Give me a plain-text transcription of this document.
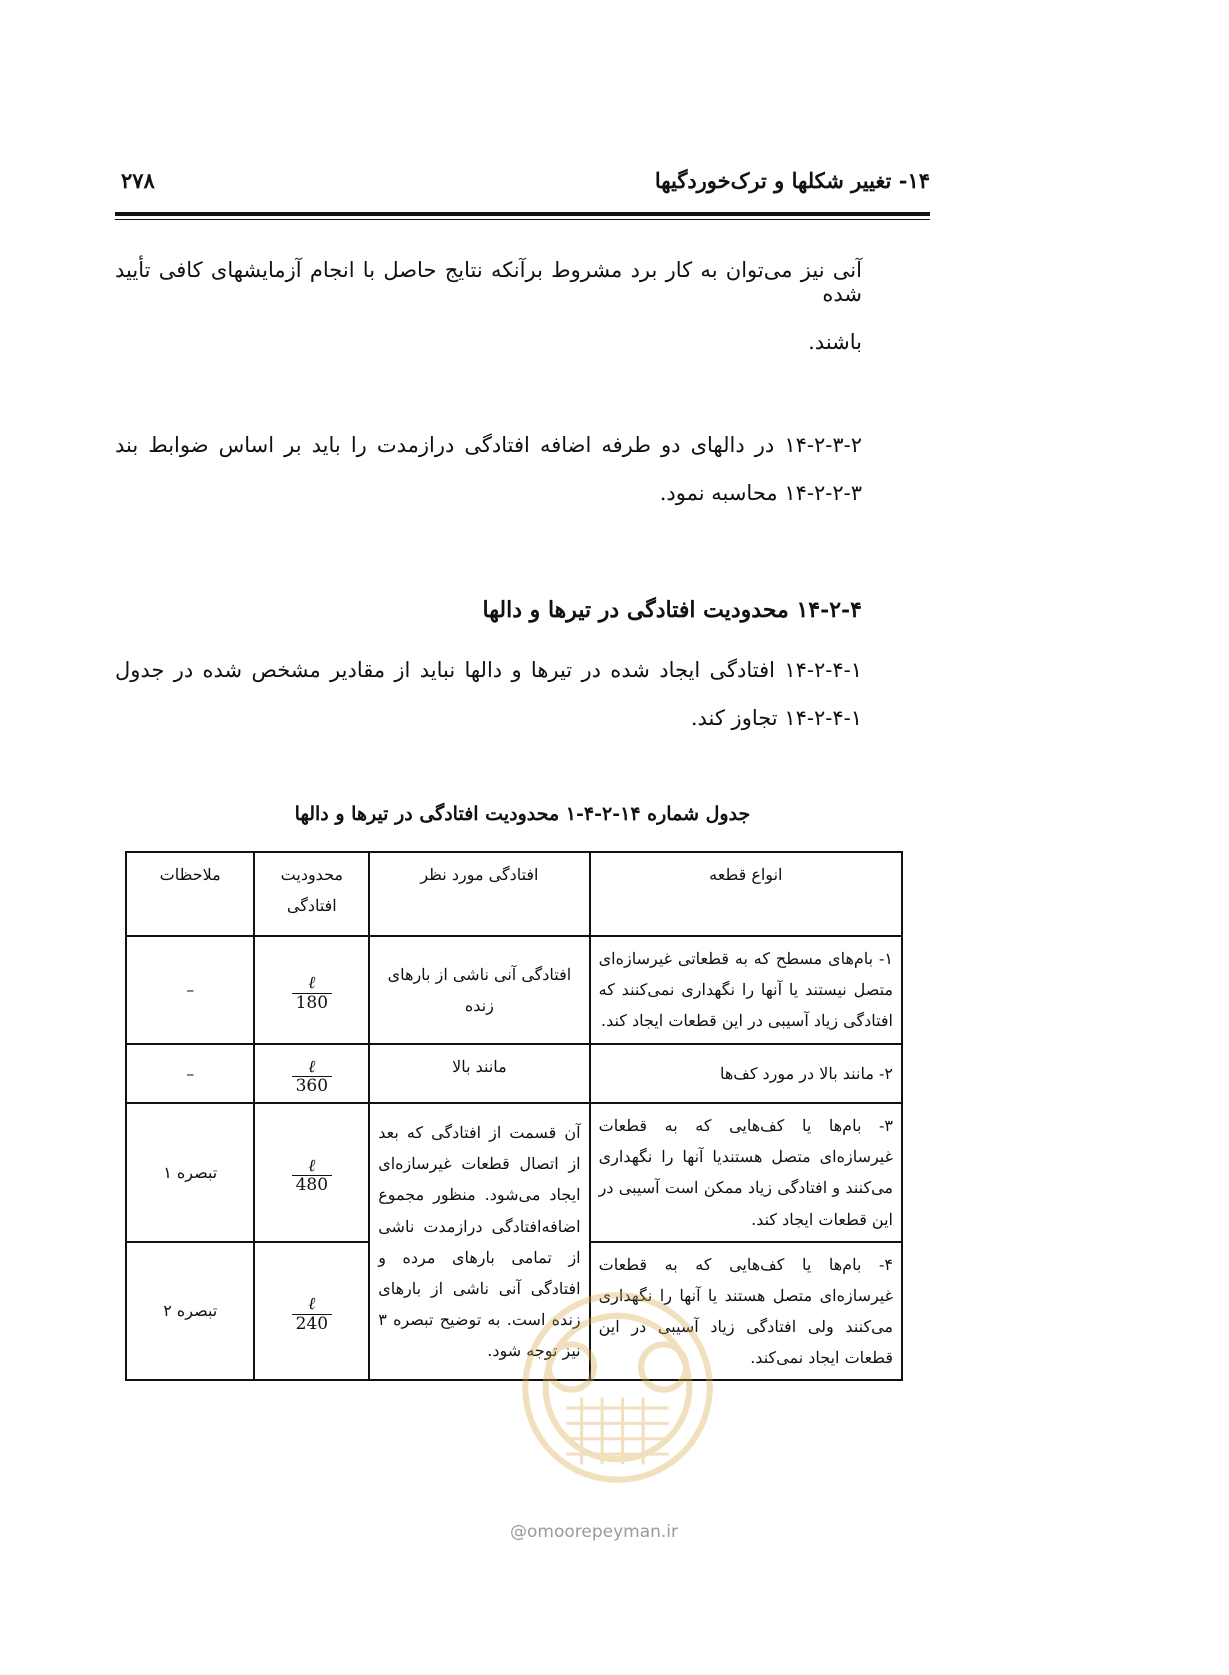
۱۴- تغییر شکلها و ترک‌خوردگیها
۲۷۸

آنی نیز می‌توان به کار برد مشروط برآنکه نتایج حاصل با انجام آزمایشهای کافی تأیید شده

باشند.

۱۴-۲-۳-۲ در دالهای دو طرفه اضافه افتادگی درازمدت را باید بر اساس ضوابط بند

۱۴-۲-۲-۳ محاسبه نمود.

۱۴-۲-۴ محدودیت افتادگی در تیرها و دالها

۱۴-۲-۴-۱ افتادگی ایجاد شده در تیرها و دالها نباید از مقادیر مشخص شده در جدول

۱۴-۲-۴-۱ تجاوز کند.

جدول شماره ۱۴-۲-۴-۱ محدودیت افتادگی در تیرها و دالها
انواع قطعه	افتادگی مورد نظر	محدودیت افتادگی	ملاحظات
۱- بام‌های مسطح که به قطعاتی غیرسازه‌ای متصل نیستند یا آنها را نگهداری نمی‌کنند که افتادگی زیاد آسیبی در این قطعات ایجاد کند.	افتادگی آنی ناشی از بارهای زنده	$\frac{\text{ℓ}}{180}$	–
۲- مانند بالا در مورد کف‌ها	مانند بالا	$\frac{\text{ℓ}}{360}$	–
۳- بام‌ها یا کف‌هایی که به قطعات غیرسازه‌ای متصل هستندیا آنها را نگهداری می‌کنند و افتادگی زیاد ممکن است آسیبی در این قطعات ایجاد کند.	آن قسمت از افتادگی که بعد از اتصال قطعات غیرسازه‌ای ایجاد می‌شود. منظور مجموع اضافه‌افتادگی درازمدت ناشی از تمامی بارهای مرده و افتادگی آنی ناشی از بارهای زنده است. به توضیح تبصره ۳ نیز توجه شود.	$\frac{\text{ℓ}}{480}$	تبصره ۱
۴- بام‌ها یا کف‌هایی که به قطعات غیرسازه‌ای متصل هستند یا آنها را نگهداری می‌کنند ولی افتادگی زیاد آسیبی در این قطعات ایجاد نمی‌کند.		$\frac{\text{ℓ}}{240}$	تبصره ۲
@omoorepeyman.ir
